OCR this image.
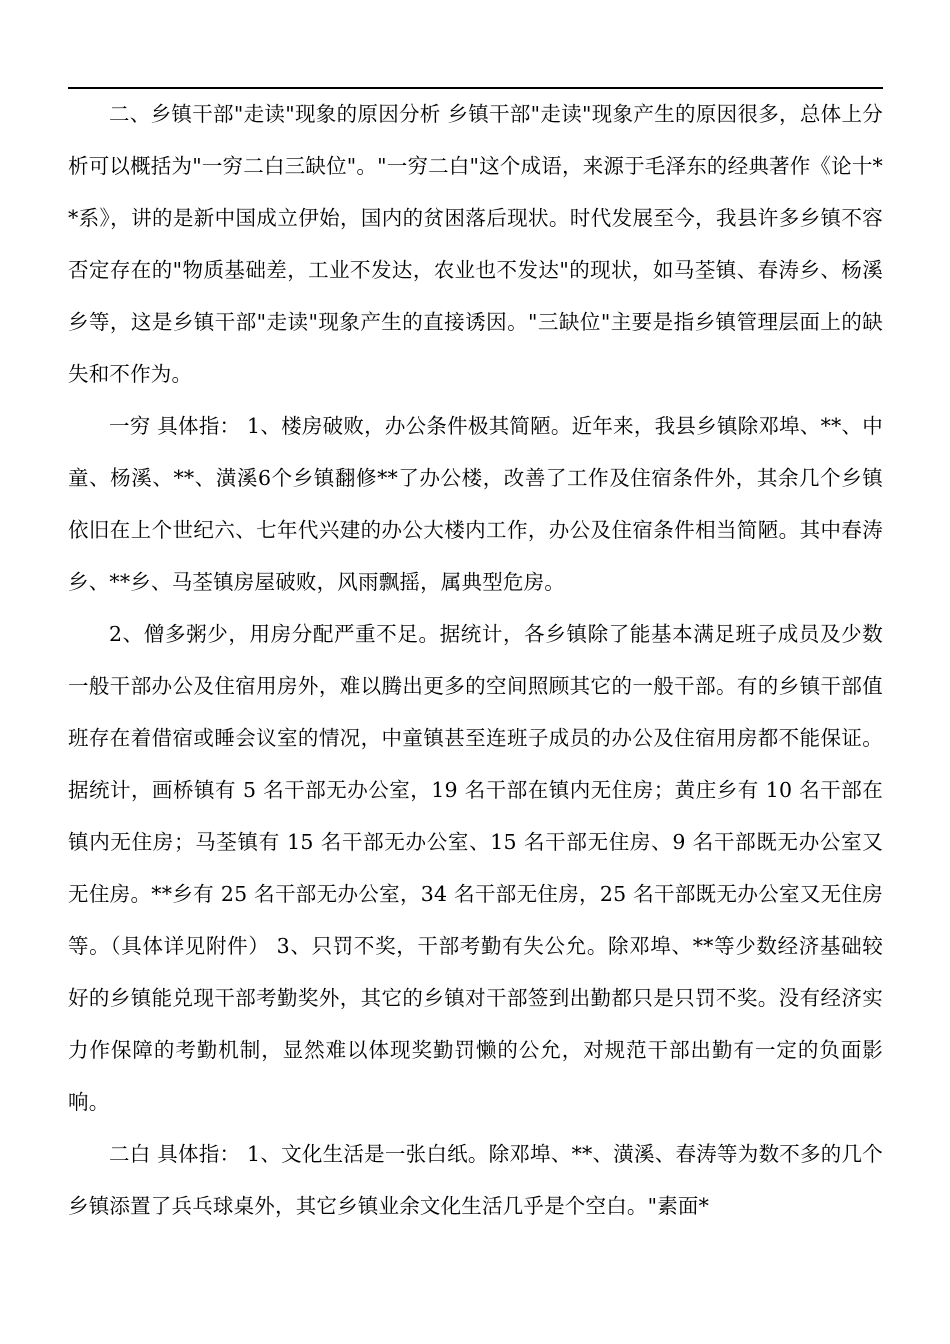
二、乡镇干部"走读"现象的原因分析 乡镇干部"走读"现象产生的原因很多，总体上分析可以概括为"一穷二白三缺位"。"一穷二白"这个成语，来源于毛泽东的经典著作《论十**系》，讲的是新中国成立伊始，国内的贫困落后现状。时代发展至今，我县许多乡镇不容否定存在的"物质基础差，工业不发达，农业也不发达"的现状，如马荃镇、春涛乡、杨溪乡等，这是乡镇干部"走读"现象产生的直接诱因。"三缺位"主要是指乡镇管理层面上的缺失和不作为。

一穷 具体指： 1、楼房破败，办公条件极其简陋。近年来，我县乡镇除邓埠、**、中童、杨溪、**、潢溪6个乡镇翻修**了办公楼，改善了工作及住宿条件外，其余几个乡镇依旧在上个世纪六、七年代兴建的办公大楼内工作，办公及住宿条件相当简陋。其中春涛乡、**乡、马荃镇房屋破败，风雨飘摇，属典型危房。

2、僧多粥少，用房分配严重不足。据统计，各乡镇除了能基本满足班子成员及少数一般干部办公及住宿用房外，难以腾出更多的空间照顾其它的一般干部。有的乡镇干部值班存在着借宿或睡会议室的情况，中童镇甚至连班子成员的办公及住宿用房都不能保证。据统计，画桥镇有 5 名干部无办公室，19 名干部在镇内无住房；黄庄乡有 10 名干部在镇内无住房；马荃镇有 15 名干部无办公室、15 名干部无住房、9 名干部既无办公室又无住房。**乡有 25 名干部无办公室，34 名干部无住房，25 名干部既无办公室又无住房等。（具体详见附件） 3、只罚不奖，干部考勤有失公允。除邓埠、**等少数经济基础较好的乡镇能兑现干部考勤奖外，其它的乡镇对干部签到出勤都只是只罚不奖。没有经济实力作保障的考勤机制，显然难以体现奖勤罚懒的公允，对规范干部出勤有一定的负面影响。

二白 具体指： 1、文化生活是一张白纸。除邓埠、**、潢溪、春涛等为数不多的几个乡镇添置了兵乓球桌外，其它乡镇业余文化生活几乎是个空白。"素面*
